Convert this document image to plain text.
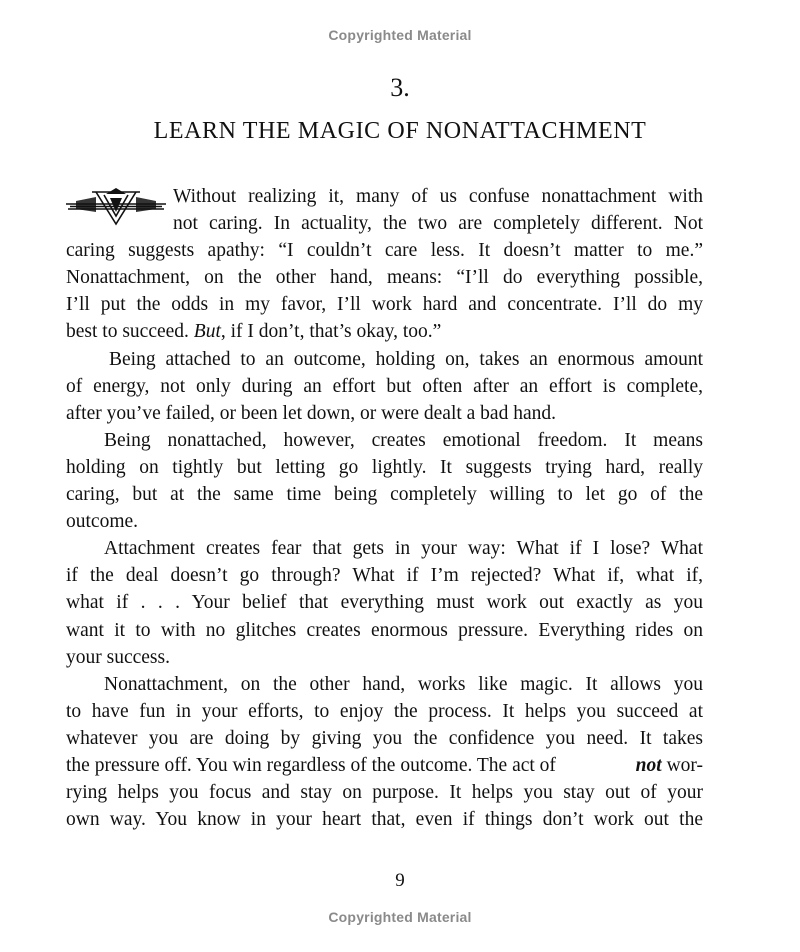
Copyrighted Material
3.
LEARN THE MAGIC OF NONATTACHMENT
Without realizing it, many of us confuse nonattachment with
not caring. In actuality, the two are completely different. Not
caring suggests apathy: “I couldn’t care less. It doesn’t matter to me.”
Nonattachment, on the other hand, means: “I’ll do everything possible,
I’ll put the odds in my favor, I’ll work hard and concentrate. I’ll do my
best to succeed. But, if I don’t, that’s okay, too.”
Being attached to an outcome, holding on, takes an enormous amount
of energy, not only during an effort but often after an effort is complete,
after you’ve failed, or been let down, or were dealt a bad hand.
Being nonattached, however, creates emotional freedom. It means
holding on tightly but letting go lightly. It suggests trying hard, really
caring, but at the same time being completely willing to let go of the
outcome.
Attachment creates fear that gets in your way: What if I lose? What
if the deal doesn’t go through? What if I’m rejected? What if, what if,
what if . . . Your belief that everything must work out exactly as you
want it to with no glitches creates enormous pressure. Everything rides on
your success.
Nonattachment, on the other hand, works like magic. It allows you
to have fun in your efforts, to enjoy the process. It helps you succeed at
whatever you are doing by giving you the confidence you need. It takes
the pressure off. You win regardless of the outcome. The act of	not wor-
rying helps you focus and stay on purpose. It helps you stay out of your
own way. You know in your heart that, even if things don’t work out the
9
Copyrighted Material
